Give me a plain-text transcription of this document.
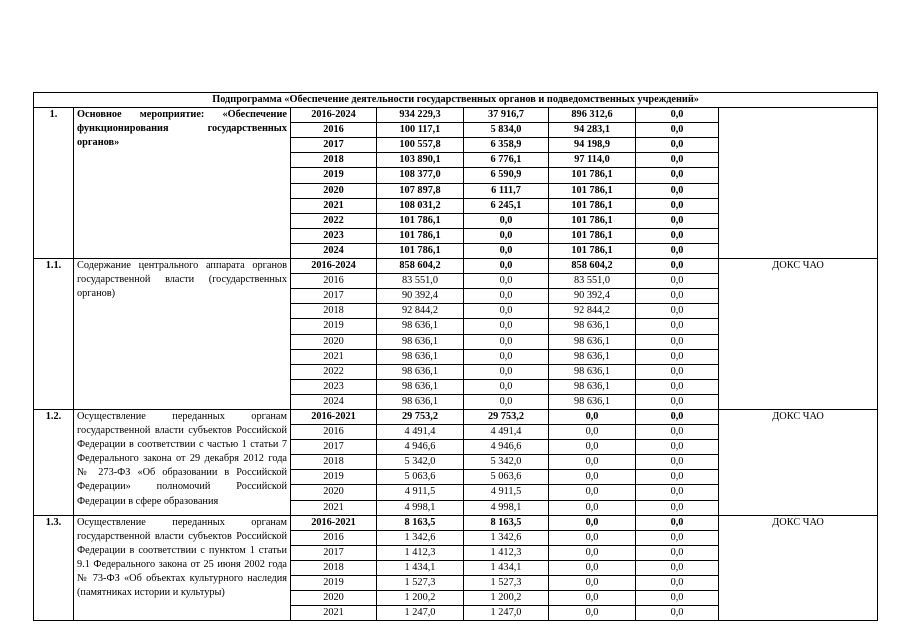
Подпрограмма «Обеспечение деятельности государственных органов и подведомственных учреждений»							
1.	Основное мероприятие: «Обеспечение функционирования государственных органов»	2016-2024	934 229,3	37 916,7	896 312,6	0,0	
		2016	100 117,1	5 834,0	94 283,1	0,0	
		2017	100 557,8	6 358,9	94 198,9	0,0	
		2018	103 890,1	6 776,1	97 114,0	0,0	
		2019	108 377,0	6 590,9	101 786,1	0,0	
		2020	107 897,8	6 111,7	101 786,1	0,0	
		2021	108 031,2	6 245,1	101 786,1	0,0	
		2022	101 786,1	0,0	101 786,1	0,0	
		2023	101 786,1	0,0	101 786,1	0,0	
		2024	101 786,1	0,0	101 786,1	0,0	
1.1.	Содержание центрального аппарата органов государственной власти (государственных органов)	2016-2024	858 604,2	0,0	858 604,2	0,0	ДОКС ЧАО
		2016	83 551,0	0,0	83 551,0	0,0	
		2017	90 392,4	0,0	90 392,4	0,0	
		2018	92 844,2	0,0	92 844,2	0,0	
		2019	98 636,1	0,0	98 636,1	0,0	
		2020	98 636,1	0,0	98 636,1	0,0	
		2021	98 636,1	0,0	98 636,1	0,0	
		2022	98 636,1	0,0	98 636,1	0,0	
		2023	98 636,1	0,0	98 636,1	0,0	
		2024	98 636,1	0,0	98 636,1	0,0	
1.2.	Осуществление переданных органам государственной власти субъектов Российской Федерации в соответствии с частью 1 статьи 7 Федерального закона от 29 декабря 2012 года № 273-ФЗ «Об образовании в Российской Федерации» полномочий Российской Федерации в сфере образования	2016-2021	29 753,2	29 753,2	0,0	0,0	ДОКС ЧАО
		2016	4 491,4	4 491,4	0,0	0,0	
		2017	4 946,6	4 946,6	0,0	0,0	
		2018	5 342,0	5 342,0	0,0	0,0	
		2019	5 063,6	5 063,6	0,0	0,0	
		2020	4 911,5	4 911,5	0,0	0,0	
		2021	4 998,1	4 998,1	0,0	0,0	
1.3.	Осуществление переданных органам государственной власти субъектов Российской Федерации в соответствии с пунктом 1 статьи 9.1 Федерального закона от 25 июня 2002 года № 73-ФЗ «Об объектах культурного наследия (памятниках истории и культуры)	2016-2021	8 163,5	8 163,5	0,0	0,0	ДОКС ЧАО
		2016	1 342,6	1 342,6	0,0	0,0	
		2017	1 412,3	1 412,3	0,0	0,0	
		2018	1 434,1	1 434,1	0,0	0,0	
		2019	1 527,3	1 527,3	0,0	0,0	
		2020	1 200,2	1 200,2	0,0	0,0	
		2021	1 247,0	1 247,0	0,0	0,0	
